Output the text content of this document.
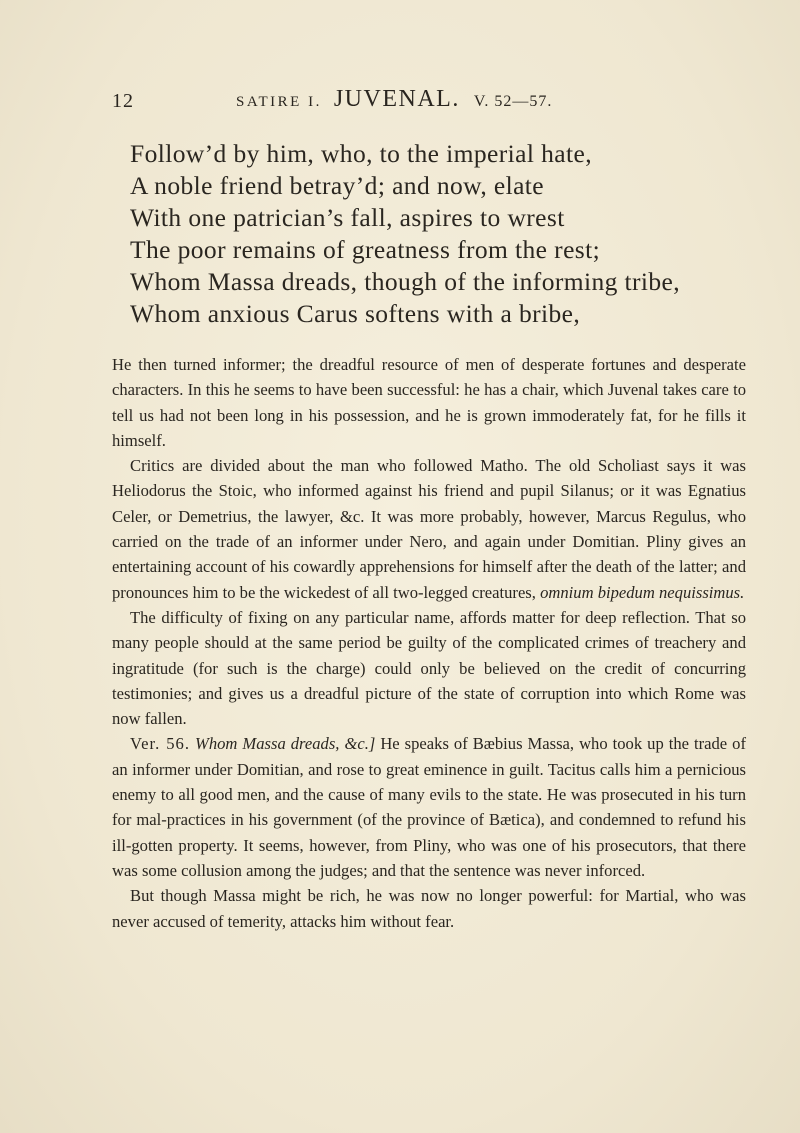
12	SATIRE I. JUVENAL. V. 52—57.
Follow’d by him, who, to the imperial hate,
A noble friend betray’d; and now, elate
With one patrician’s fall, aspires to wrest
The poor remains of greatness from the rest;
Whom Massa dreads, though of the informing tribe,
Whom anxious Carus softens with a bribe,

He then turned informer; the dreadful resource of men of desperate fortunes and desperate characters. In this he seems to have been successful: he has a chair, which Juvenal takes care to tell us had not been long in his possession, and he is grown immoderately fat, for he fills it himself.

Critics are divided about the man who followed Matho. The old Scholiast says it was Heliodorus the Stoic, who informed against his friend and pupil Silanus; or it was Egnatius Celer, or Demetrius, the lawyer, &c. It was more probably, however, Marcus Regulus, who carried on the trade of an informer under Nero, and again under Domitian. Pliny gives an entertaining account of his cowardly apprehensions for himself after the death of the latter; and pronounces him to be the wickedest of all two-legged creatures, omnium bipedum nequissimus.

The difficulty of fixing on any particular name, affords matter for deep reflection. That so many people should at the same period be guilty of the complicated crimes of treachery and ingratitude (for such is the charge) could only be believed on the credit of concurring testimonies; and gives us a dreadful picture of the state of corruption into which Rome was now fallen.

Ver. 56. Whom Massa dreads, &c.] He speaks of Bæbius Massa, who took up the trade of an informer under Domitian, and rose to great eminence in guilt. Tacitus calls him a pernicious enemy to all good men, and the cause of many evils to the state. He was prosecuted in his turn for mal-practices in his government (of the province of Bætica), and condemned to refund his ill-gotten property. It seems, however, from Pliny, who was one of his prosecutors, that there was some collusion among the judges; and that the sentence was never inforced.

But though Massa might be rich, he was now no longer powerful: for Martial, who was never accused of temerity, attacks him without fear.
